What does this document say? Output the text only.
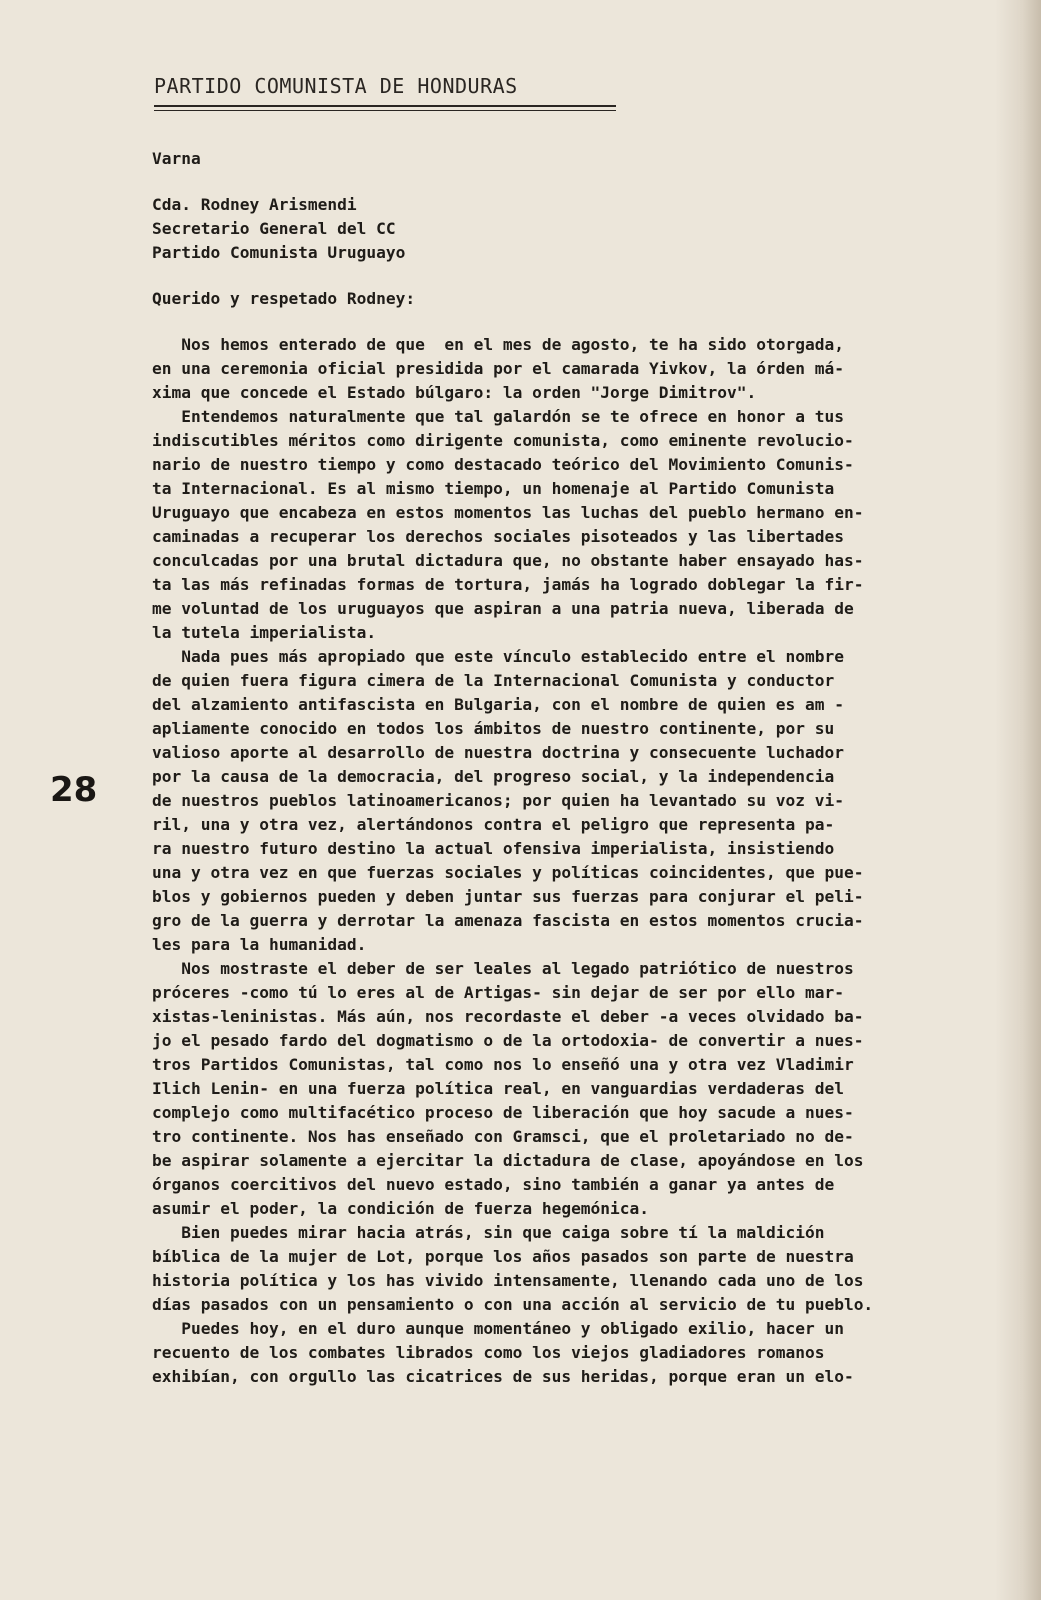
PARTIDO COMUNISTA DE HONDURAS
28
Varna
Cda. Rodney Arismendi
Secretario General del CC
Partido Comunista Uruguayo
Querido y respetado Rodney:
Nos hemos enterado de que  en el mes de agosto, te ha sido otorgada,
en una ceremonia oficial presidida por el camarada Yivkov, la órden má-
xima que concede el Estado búlgaro: la orden "Jorge Dimitrov".
Entendemos naturalmente que tal galardón se te ofrece en honor a tus
indiscutibles méritos como dirigente comunista, como eminente revolucio-
nario de nuestro tiempo y como destacado teórico del Movimiento Comunis-
ta Internacional. Es al mismo tiempo, un homenaje al Partido Comunista
Uruguayo que encabeza en estos momentos las luchas del pueblo hermano en-
caminadas a recuperar los derechos sociales pisoteados y las libertades
conculcadas por una brutal dictadura que, no obstante haber ensayado has-
ta las más refinadas formas de tortura, jamás ha logrado doblegar la fir-
me voluntad de los uruguayos que aspiran a una patria nueva, liberada de
la tutela imperialista.
Nada pues más apropiado que este vínculo establecido entre el nombre
de quien fuera figura cimera de la Internacional Comunista y conductor
del alzamiento antifascista en Bulgaria, con el nombre de quien es am -
apliamente conocido en todos los ámbitos de nuestro continente, por su
valioso aporte al desarrollo de nuestra doctrina y consecuente luchador
por la causa de la democracia, del progreso social, y la independencia
de nuestros pueblos latinoamericanos; por quien ha levantado su voz vi-
ril, una y otra vez, alertándonos contra el peligro que representa pa-
ra nuestro futuro destino la actual ofensiva imperialista, insistiendo
una y otra vez en que fuerzas sociales y políticas coincidentes, que pue-
blos y gobiernos pueden y deben juntar sus fuerzas para conjurar el peli-
gro de la guerra y derrotar la amenaza fascista en estos momentos crucia-
les para la humanidad.
Nos mostraste el deber de ser leales al legado patriótico de nuestros
próceres -como tú lo eres al de Artigas- sin dejar de ser por ello mar-
xistas-leninistas. Más aún, nos recordaste el deber -a veces olvidado ba-
jo el pesado fardo del dogmatismo o de la ortodoxia- de convertir a nues-
tros Partidos Comunistas, tal como nos lo enseñó una y otra vez Vladimir
Ilich Lenin- en una fuerza política real, en vanguardias verdaderas del
complejo como multifacético proceso de liberación que hoy sacude a nues-
tro continente. Nos has enseñado con Gramsci, que el proletariado no de-
be aspirar solamente a ejercitar la dictadura de clase, apoyándose en los
órganos coercitivos del nuevo estado, sino también a ganar ya antes de
asumir el poder, la condición de fuerza hegemónica.
Bien puedes mirar hacia atrás, sin que caiga sobre tí la maldición
bíblica de la mujer de Lot, porque los años pasados son parte de nuestra
historia política y los has vivido intensamente, llenando cada uno de los
días pasados con un pensamiento o con una acción al servicio de tu pueblo.
Puedes hoy, en el duro aunque momentáneo y obligado exilio, hacer un
recuento de los combates librados como los viejos gladiadores romanos
exhibían, con orgullo las cicatrices de sus heridas, porque eran un elo-
